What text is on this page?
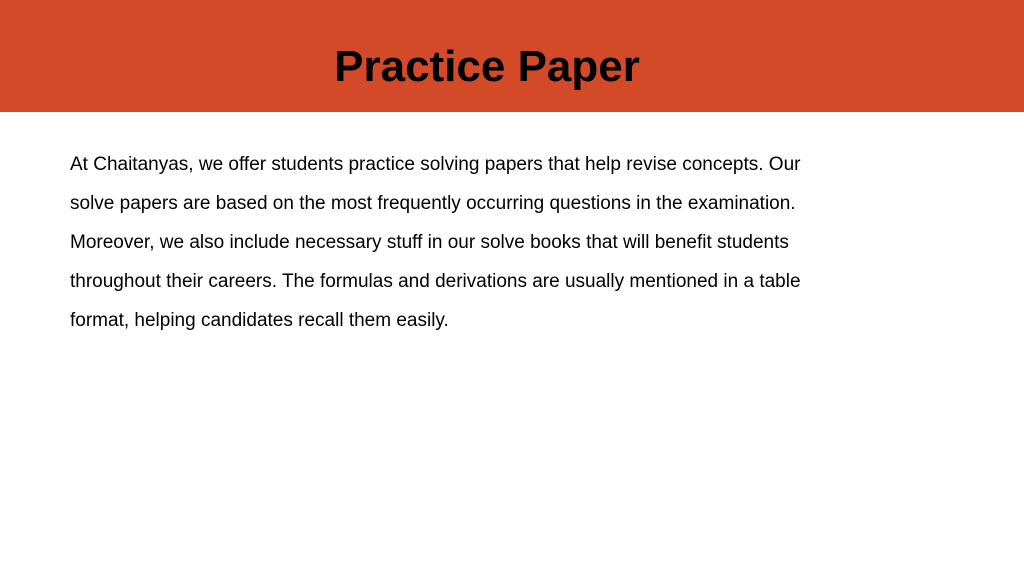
Practice Paper

At Chaitanyas, we offer students practice solving papers that help revise concepts. Our
solve papers are based on the most frequently occurring questions in the examination.
Moreover, we also include necessary stuff in our solve books that will benefit students
throughout their careers. The formulas and derivations are usually mentioned in a table
format, helping candidates recall them easily.
